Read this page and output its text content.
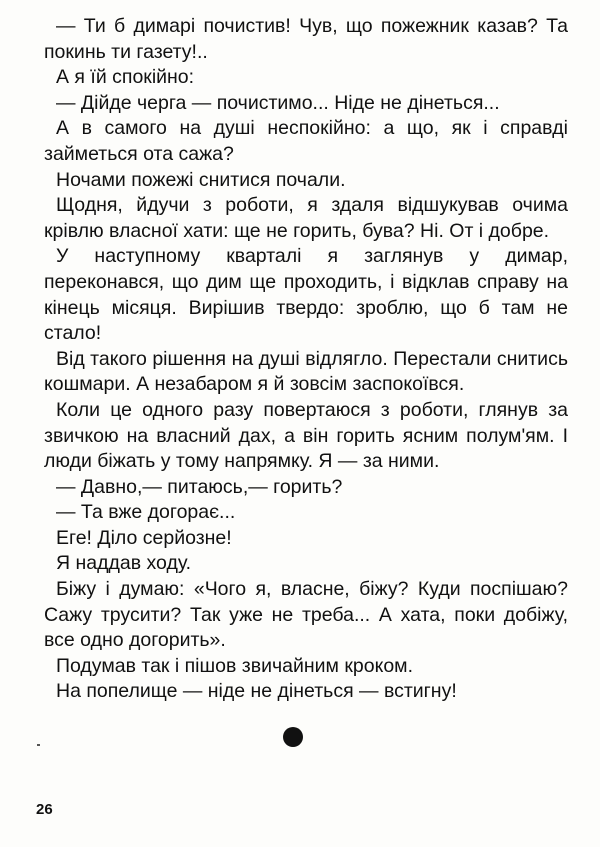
— Ти б димарі почистив! Чув, що пожежник казав? Та покинь ти газету!..

А я їй спокійно:

— Дійде черга — почистимо... Ніде не дінеться...

А в самого на душі неспокійно: а що, як і справді займеться ота сажа?

Ночами пожежі снитися почали.

Щодня, йдучи з роботи, я здаля відшукував очима крівлю власної хати: ще не горить, бува? Ні. От і добре.

У наступному кварталі я заглянув у димар, переконався, що дим ще проходить, і відклав справу на кінець місяця. Вирішив твердо: зроблю, що б там не стало!

Від такого рішення на душі відлягло. Перестали снитись кошмари. А незабаром я й зовсім заспокоївся.

Коли це одного разу повертаюся з роботи, глянув за звичкою на власний дах, а він горить ясним полум'ям. І люди біжать у тому напрямку. Я — за ними.

— Давно,— питаюсь,— горить?

— Та вже догорає...

Еге! Діло серйозне!

Я наддав ходу.

Біжу і думаю: «Чого я, власне, біжу? Куди поспішаю? Сажу трусити? Так уже не треба... А хата, поки добіжу, все одно догорить».

Подумав так і пішов звичайним кроком.

На попелище — ніде не дінеться — встигну!

26
